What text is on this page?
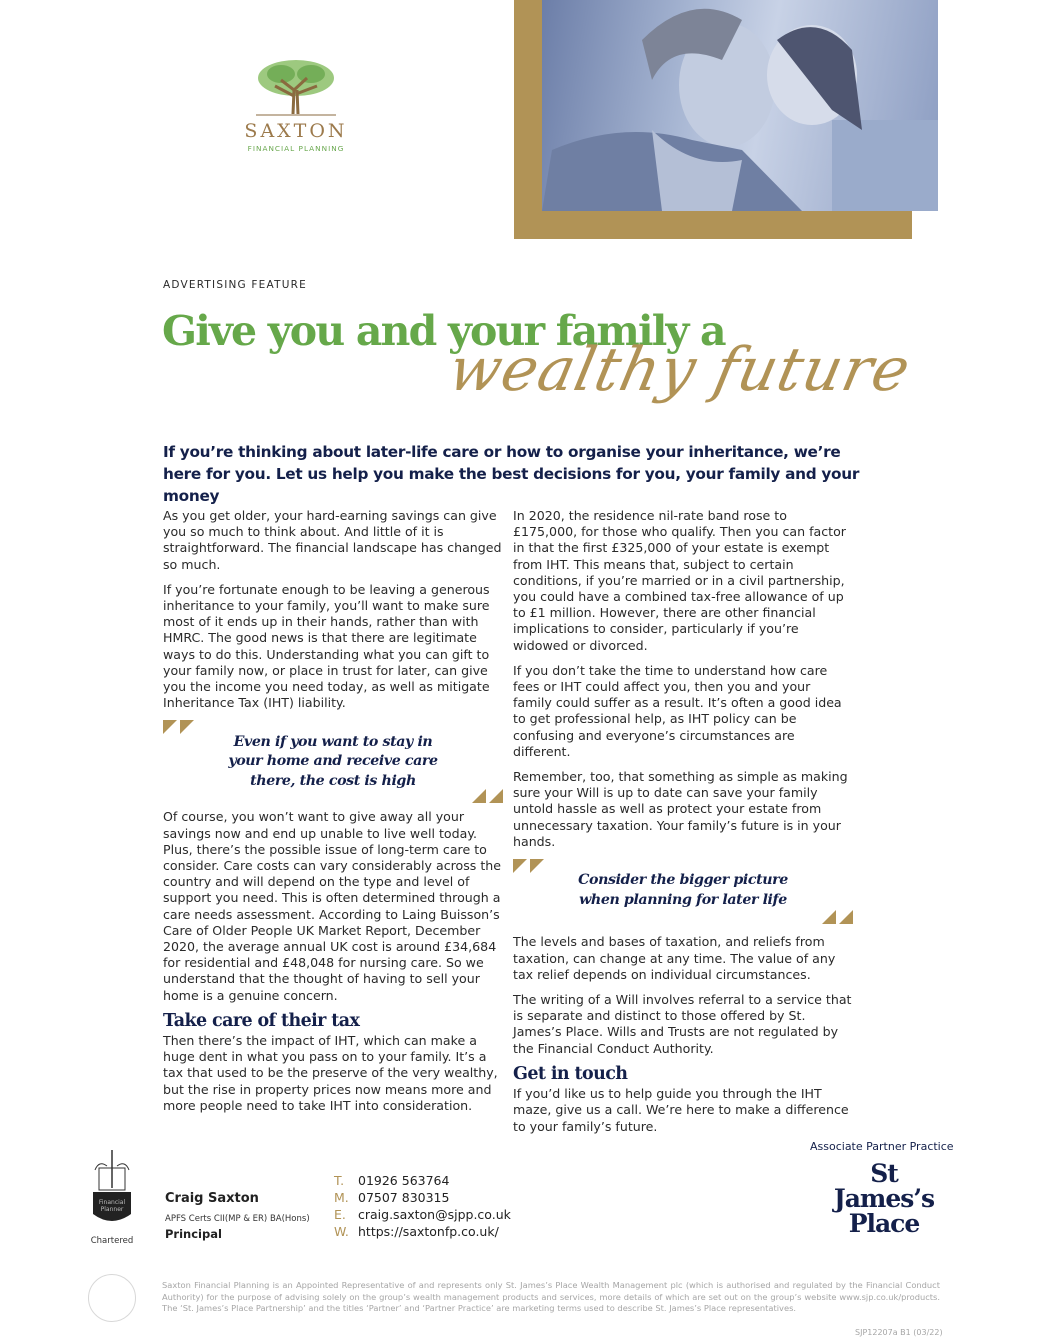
SAXTON
FINANCIAL PLANNING
ADVERTISING FEATURE
Give you and your family a
wealthy future
If you’re thinking about later-life care or how to organise your inheritance, we’re here for you. Let us help you make the best decisions for you, your family and your money

As you get older, your hard-earning savings can give you so much to think about. And little of it is straightforward. The financial landscape has changed so much.

If you’re fortunate enough to be leaving a generous inheritance to your family, you’ll want to make sure most of it ends up in their hands, rather than with HMRC. The good news is that there are legitimate ways to do this. Understanding what you can gift to your family now, or place in trust for later, can give you the income you need today, as well as mitigate Inheritance Tax (IHT) liability.

Even if you want to stay in your home and receive care there, the cost is high

Of course, you won’t want to give away all your savings now and end up unable to live well today. Plus, there’s the possible issue of long-term care to consider. Care costs can vary considerably across the country and will depend on the type and level of support you need. This is often determined through a care needs assessment. According to Laing Buisson’s Care of Older People UK Market Report, December 2020, the average annual UK cost is around £34,684 for residential and £48,048 for nursing care. So we understand that the thought of having to sell your home is a genuine concern.

Take care of their tax

Then there’s the impact of IHT, which can make a huge dent in what you pass on to your family. It’s a tax that used to be the preserve of the very wealthy, but the rise in property prices now means more and more people need to take IHT into consideration.

In 2020, the residence nil-rate band rose to £175,000, for those who qualify. Then you can factor in that the first £325,000 of your estate is exempt from IHT. This means that, subject to certain conditions, if you’re married or in a civil partnership, you could have a combined tax-free allowance of up to £1 million. However, there are other financial implications to consider, particularly if you’re widowed or divorced.

If you don’t take the time to understand how care fees or IHT could affect you, then you and your family could suffer as a result. It’s often a good idea to get professional help, as IHT policy can be confusing and everyone’s circumstances are different.

Remember, too, that something as simple as making sure your Will is up to date can save your family untold hassle as well as protect your estate from unnecessary taxation. Your family’s future is in your hands.

Consider the bigger picture when planning for later life

The levels and bases of taxation, and reliefs from taxation, can change at any time. The value of any tax relief depends on individual circumstances.

The writing of a Will involves referral to a service that is separate and distinct to those offered by St. James’s Place. Wills and Trusts are not regulated by the Financial Conduct Authority.

Get in touch

If you’d like us to help guide you through the IHT maze, give us a call. We’re here to make a difference to your family’s future.

Financial
Planner
Chartered
Craig Saxton
APFS Certs CII(MP & ER) BA(Hons)
Principal
T.	01926 563764
M. 07507 830315
E. craig.saxton@sjpp.co.uk
W. https://saxtonfp.co.uk/
Associate Partner Practice
St
James’s
Place
Saxton Financial Planning is an Appointed Representative of and represents only St. James’s Place Wealth Management plc (which is authorised and regulated by the Financial Conduct Authority) for the purpose of advising solely on the group’s wealth management products and services, more details of which are set out on the group’s website www.sjp.co.uk/products. The ‘St. James’s Place Partnership’ and the titles ‘Partner’ and ‘Partner Practice’ are marketing terms used to describe St. James’s Place representatives.
SJP12207a B1 (03/22)
